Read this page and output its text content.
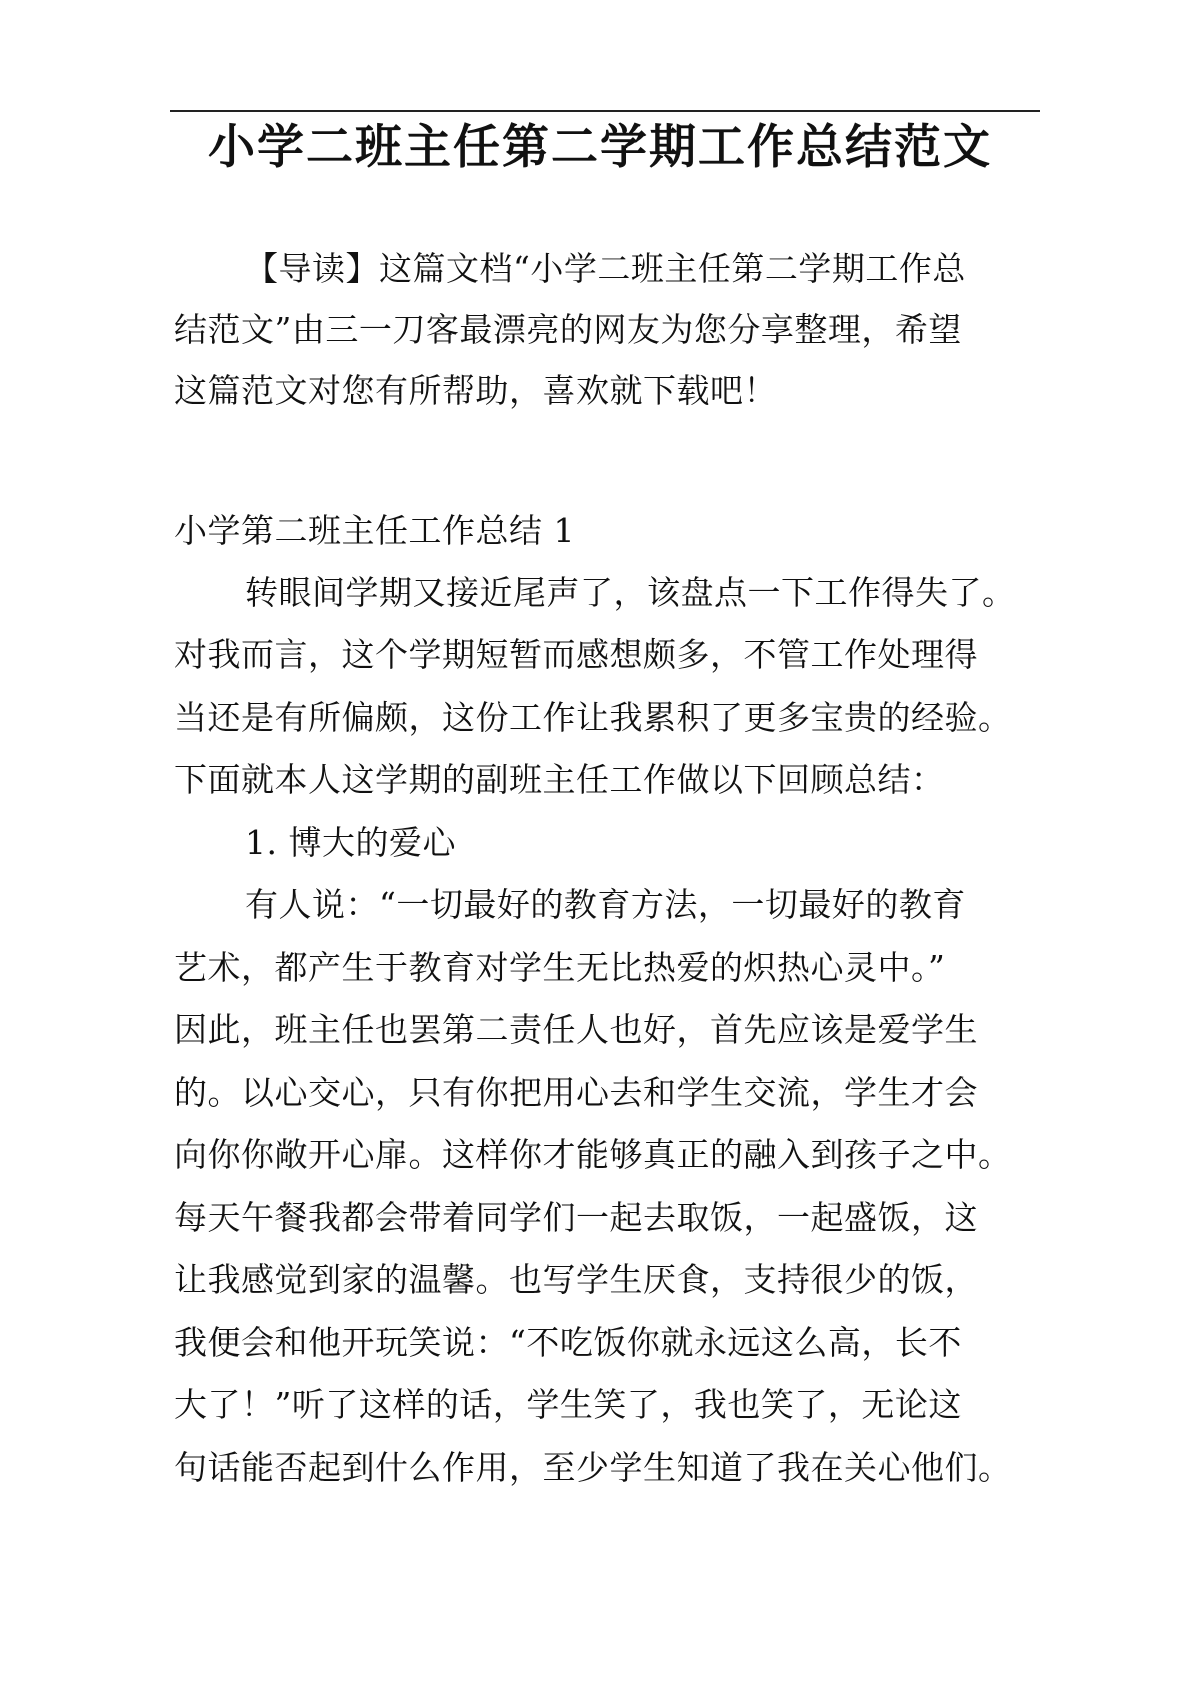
小学二班主任第二学期工作总结范文
【导读】这篇文档“小学二班主任第二学期工作总
结范文”由三一刀客最漂亮的网友为您分享整理，希望
这篇范文对您有所帮助，喜欢就下载吧！
小学第二班主任工作总结 1
转眼间学期又接近尾声了，该盘点一下工作得失了。
对我而言，这个学期短暂而感想颇多，不管工作处理得
当还是有所偏颇，这份工作让我累积了更多宝贵的经验。
下面就本人这学期的副班主任工作做以下回顾总结：
1. 博大的爱心
有人说：“一切最好的教育方法，一切最好的教育
艺术，都产生于教育对学生无比热爱的炽热心灵中。”
因此，班主任也罢第二责任人也好，首先应该是爱学生
的。以心交心，只有你把用心去和学生交流，学生才会
向你你敞开心扉。这样你才能够真正的融入到孩子之中。
每天午餐我都会带着同学们一起去取饭，一起盛饭，这
让我感觉到家的温馨。也写学生厌食，支持很少的饭，
我便会和他开玩笑说：“不吃饭你就永远这么高，长不
大了！”听了这样的话，学生笑了，我也笑了，无论这
句话能否起到什么作用，至少学生知道了我在关心他们。
